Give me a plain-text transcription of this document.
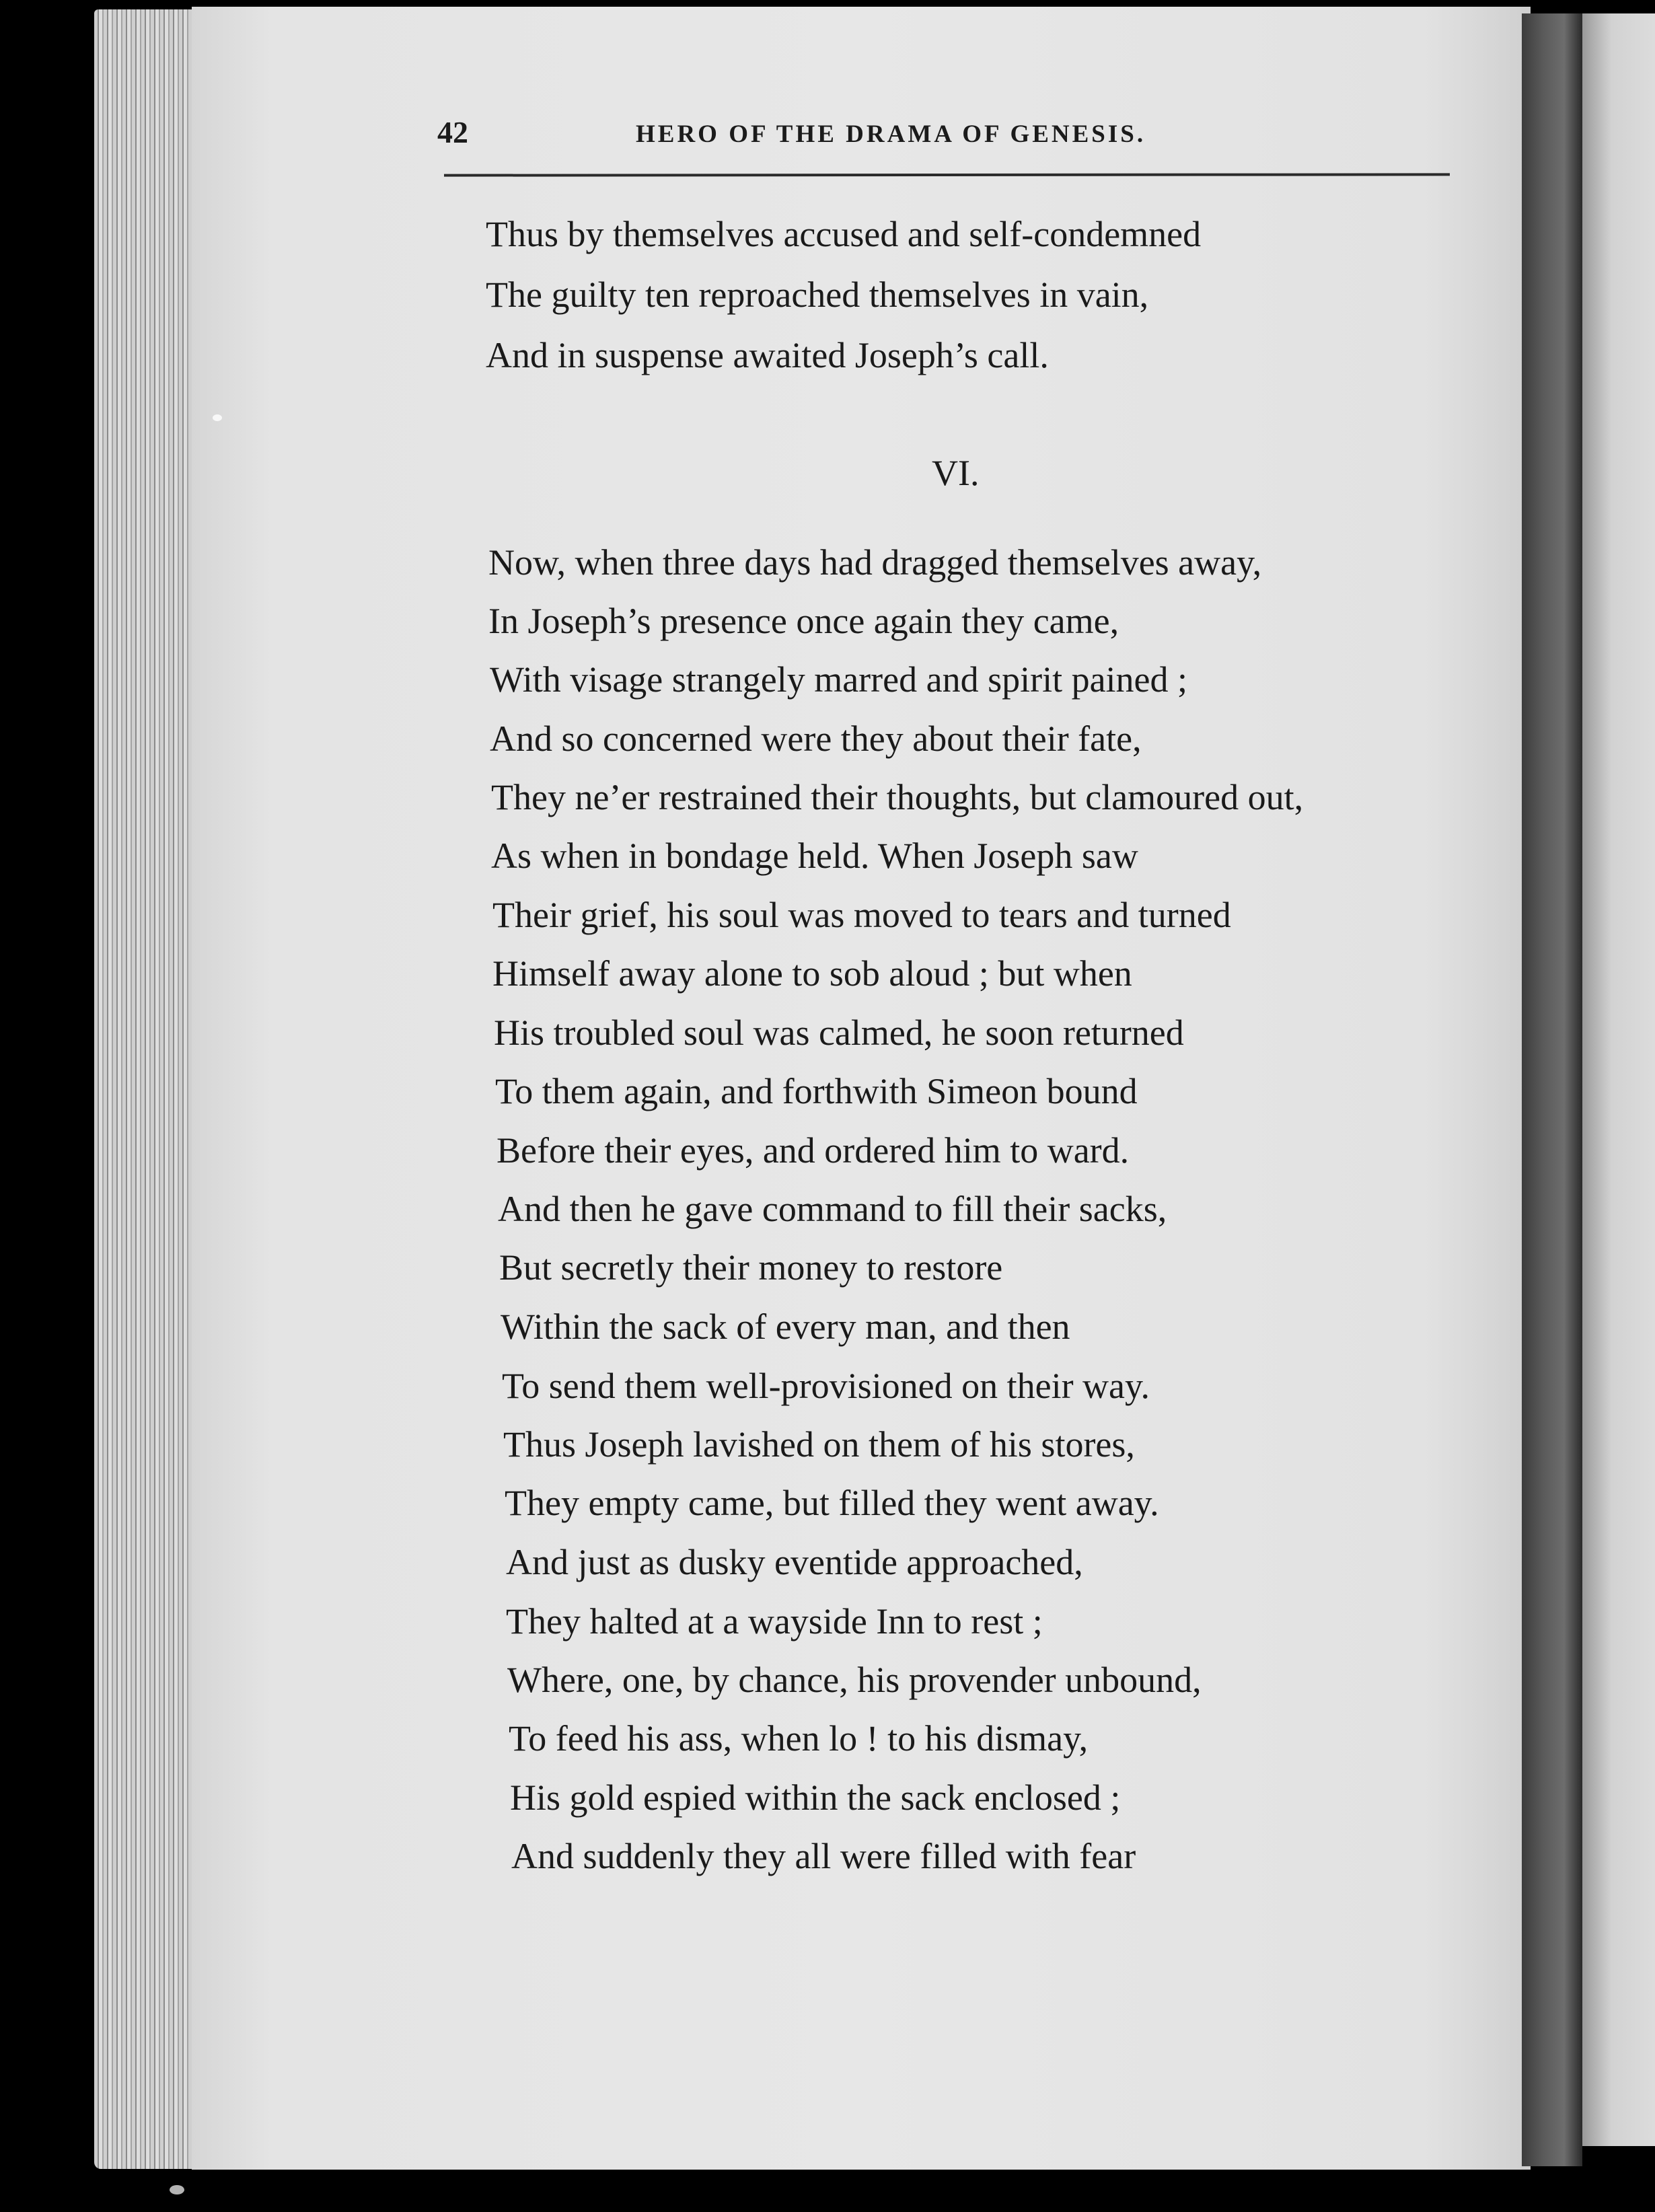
42	HERO OF THE DRAMA OF GENESIS.
Thus by themselves accused and self-condemned
The guilty ten reproached themselves in vain,
And in suspense awaited Joseph’s call.
VI.
Now, when three days had dragged themselves away,
In Joseph’s presence once again they came,
With visage strangely marred and spirit pained ;
And so concerned were they about their fate,
They ne’er restrained their thoughts, but clamoured out,
As when in bondage held. When Joseph saw
Their grief, his soul was moved to tears and turned
Himself away alone to sob aloud ; but when
His troubled soul was calmed, he soon returned
To them again, and forthwith Simeon bound
Before their eyes, and ordered him to ward.
And then he gave command to fill their sacks,
But secretly their money to restore
Within the sack of every man, and then
To send them well-provisioned on their way.
Thus Joseph lavished on them of his stores,
They empty came, but filled they went away.
And just as dusky eventide approached,
They halted at a wayside Inn to rest ;
Where, one, by chance, his provender unbound,
To feed his ass, when lo ! to his dismay,
His gold espied within the sack enclosed ;
And suddenly they all were filled with fear
